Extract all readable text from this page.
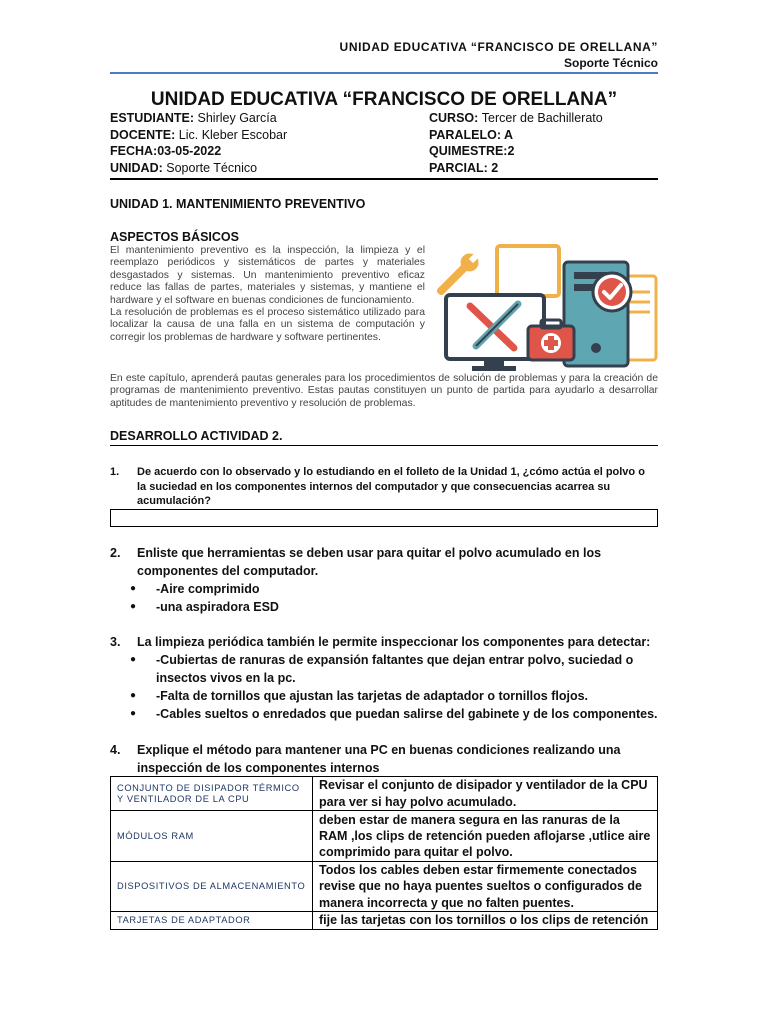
UNIDAD EDUCATIVA “FRANCISCO DE ORELLANA”
Soporte Técnico
UNIDAD EDUCATIVA “FRANCISCO DE ORELLANA”
ESTUDIANTE: Shirley García	CURSO: Tercer de Bachillerato
DOCENTE: Lic. Kleber Escobar	PARALELO: A
FECHA:03-05-2022	QUIMESTRE:2
UNIDAD: Soporte Técnico	PARCIAL: 2
UNIDAD 1. MANTENIMIENTO PREVENTIVO
ASPECTOS BÁSICOS

El mantenimiento preventivo es la inspección, la limpieza y el reemplazo periódicos y sistemáticos de partes y materiales desgastados y sistemas. Un mantenimiento preventivo eficaz reduce las fallas de partes, materiales y sistemas, y mantiene el hardware y el software en buenas condiciones de funcionamiento.

La resolución de problemas es el proceso sistemático utilizado para localizar la causa de una falla en un sistema de computación y corregir los problemas de hardware y software pertinentes.

En este capítulo, aprenderá pautas generales para los procedimientos de solución de problemas y para la creación de programas de mantenimiento preventivo. Estas pautas constituyen un punto de partida para ayudarlo a desarrollar aptitudes de mantenimiento preventivo y resolución de problemas.
DESARROLLO ACTIVIDAD 2.
1. De acuerdo con lo observado y lo estudiando en el folleto de la Unidad 1, ¿cómo actúa el polvo o la suciedad en los componentes internos del computador y que consecuencias acarrea su acumulación?
2. Enliste que herramientas se deben usar para quitar el polvo acumulado en los componentes del computador.
● -Aire comprimido
● -una aspiradora ESD
3. La limpieza periódica también le permite inspeccionar los componentes para detectar:
● -Cubiertas de ranuras de expansión faltantes que dejan entrar polvo, suciedad o insectos vivos en la pc.
● -Falta de tornillos que ajustan las tarjetas de adaptador o tornillos flojos.
● -Cables sueltos o enredados que puedan salirse del gabinete y de los componentes.
4. Explique el método para mantener una PC en buenas condiciones realizando una inspección de los componentes internos
CONJUNTO DE DISIPADOR TÉRMICO Y VENTILADOR DE LA CPU	Revisar el conjunto de disipador y ventilador de la CPU para ver si hay polvo acumulado.
MÓDULOS RAM	deben estar de manera segura en las ranuras de la RAM ,los clips de retención pueden aflojarse ,utlice aire comprimido para quitar el polvo.
DISPOSITIVOS DE ALMACENAMIENTO	Todos los cables deben estar firmemente conectados revise que no haya puentes sueltos o configurados de manera incorrecta y que no falten puentes.
TARJETAS DE ADAPTADOR	fije las tarjetas con los tornillos o los clips de retención
